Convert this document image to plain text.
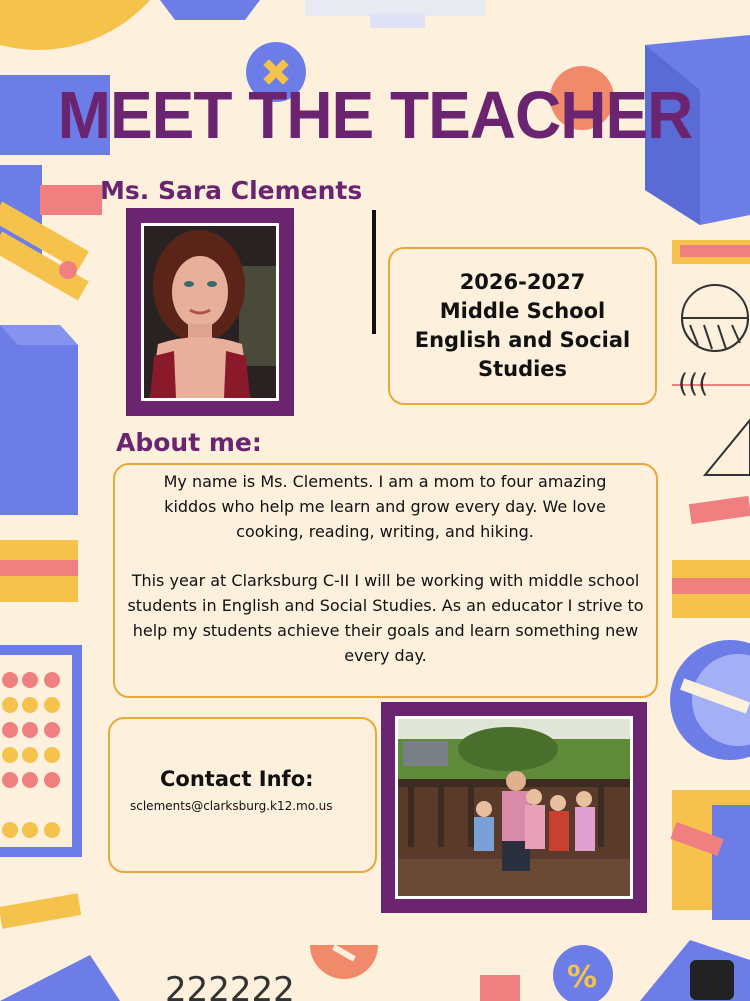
222222	%
(((
MEET THE TEACHER
Ms. Sara Clements
2026-2027
Middle School
English and Social
Studies
About me:

My name is Ms. Clements. I am a mom to four amazing kiddos who help me learn and grow every day. We love cooking, reading, writing, and hiking.

This year at Clarksburg C-II I will be working with middle school students in English and Social Studies. As an educator I strive to help my students achieve their goals and learn something new every day.

Contact Info:
sclements@clarksburg.k12.mo.us
